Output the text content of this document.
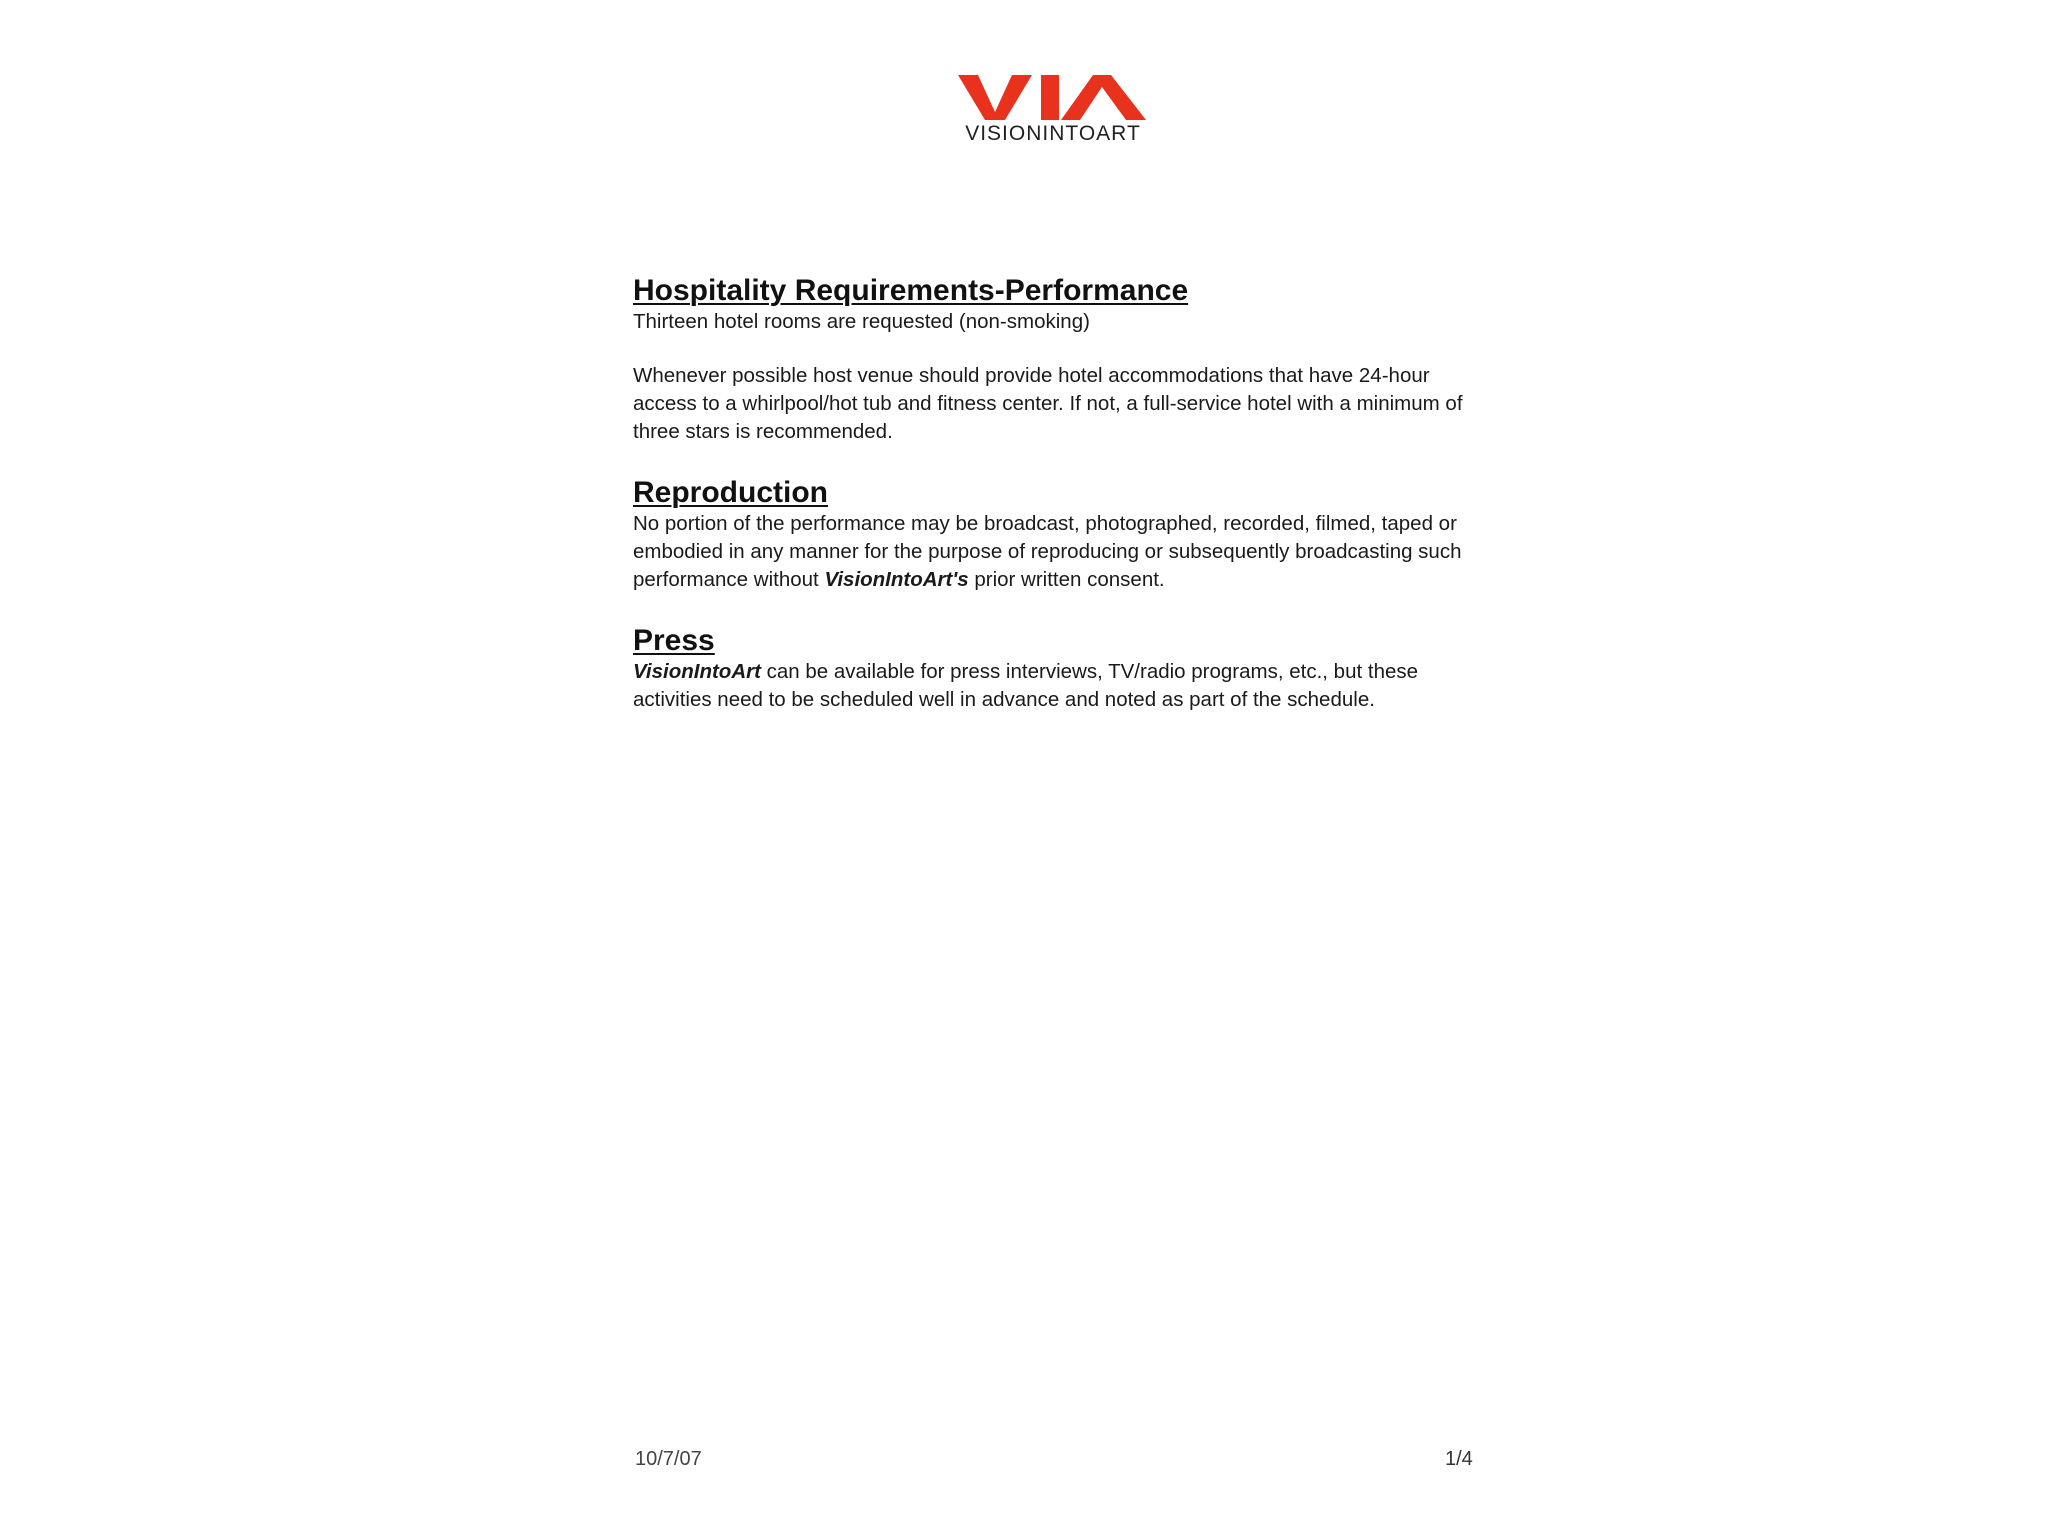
VISIONINTOART
Hospitality Requirements-Performance

Thirteen hotel rooms are requested (non-smoking)

Whenever possible host venue should provide hotel accommodations that have 24-hour access to a whirlpool/hot tub and fitness center. If not, a full-service hotel with a minimum of three stars is recommended.

Reproduction

No portion of the performance may be broadcast, photographed, recorded, filmed, taped or embodied in any manner for the purpose of reproducing or subsequently broadcasting such performance without VisionIntoArt's prior written consent.

Press

VisionIntoArt can be available for press interviews, TV/radio programs, etc., but these activities need to be scheduled well in advance and noted as part of the schedule.

10/7/07	1/4
